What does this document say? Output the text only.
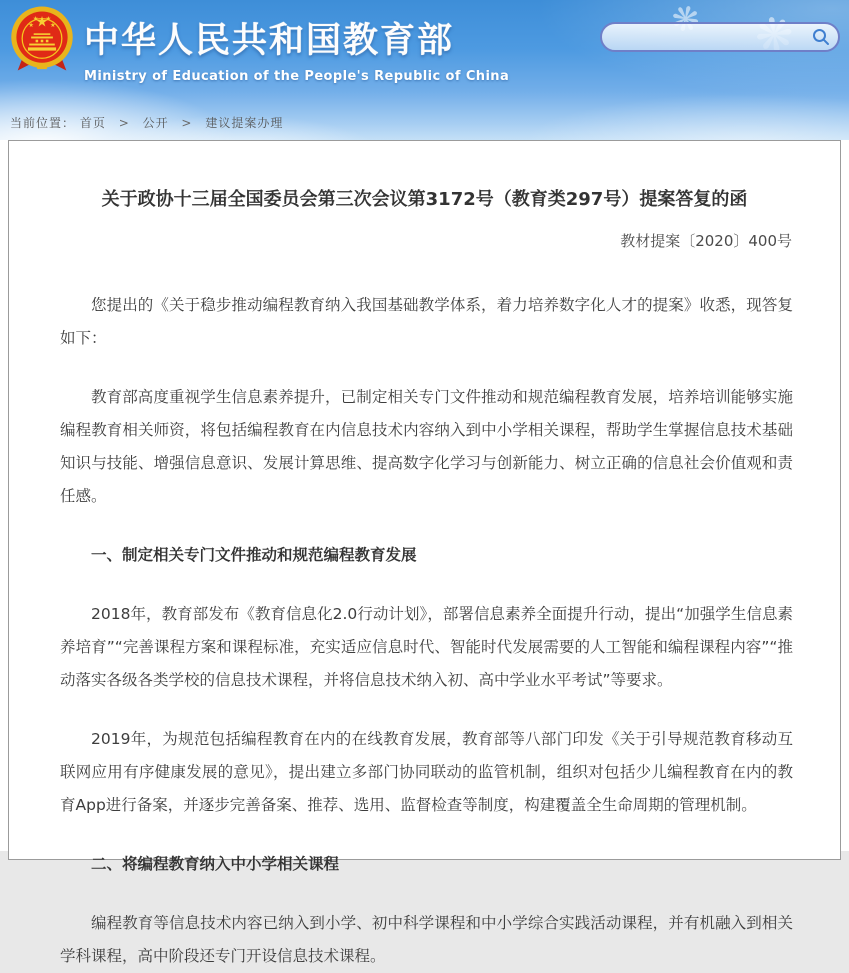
中华人民共和国教育部
Ministry of Education of the People's Republic of China
当前位置： 首页 > 公开 > 建议提案办理
关于政协十三届全国委员会第三次会议第3172号（教育类297号）提案答复的函
教材提案〔2020〕400号

您提出的《关于稳步推动编程教育纳入我国基础教学体系，着力培养数字化人才的提案》收悉，现答复如下：

教育部高度重视学生信息素养提升，已制定相关专门文件推动和规范编程教育发展，培养培训能够实施编程教育相关师资，将包括编程教育在内信息技术内容纳入到中小学相关课程，帮助学生掌握信息技术基础知识与技能、增强信息意识、发展计算思维、提高数字化学习与创新能力、树立正确的信息社会价值观和责任感。

一、制定相关专门文件推动和规范编程教育发展

2018年，教育部发布《教育信息化2.0行动计划》，部署信息素养全面提升行动，提出“加强学生信息素养培育”“完善课程方案和课程标准，充实适应信息时代、智能时代发展需要的人工智能和编程课程内容”“推动落实各级各类学校的信息技术课程，并将信息技术纳入初、高中学业水平考试”等要求。

2019年，为规范包括编程教育在内的在线教育发展，教育部等八部门印发《关于引导规范教育移动互联网应用有序健康发展的意见》，提出建立多部门协同联动的监管机制，组织对包括少儿编程教育在内的教育App进行备案，并逐步完善备案、推荐、选用、监督检查等制度，构建覆盖全生命周期的管理机制。

二、将编程教育纳入中小学相关课程

编程教育等信息技术内容已纳入到小学、初中科学课程和中小学综合实践活动课程，并有机融入到相关学科课程，高中阶段还专门开设信息技术课程。
